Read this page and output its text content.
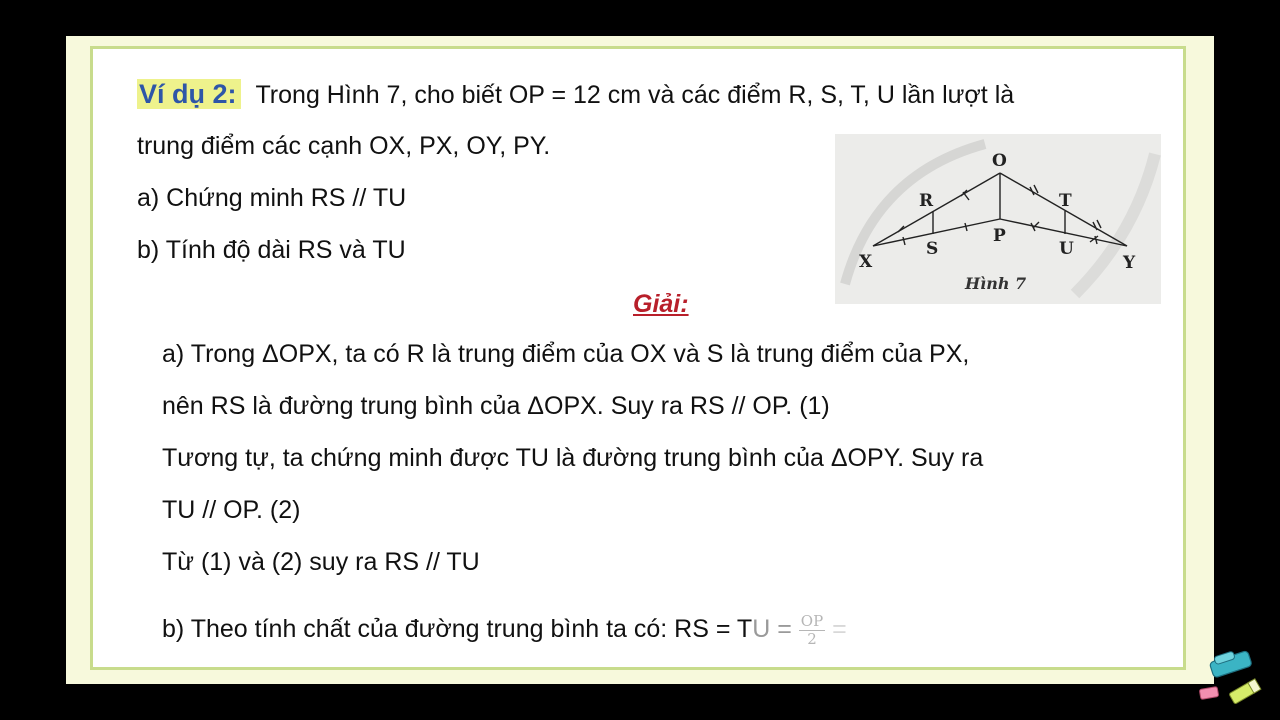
Ví dụ 2: Trong Hình 7, cho biết OP = 12 cm và các điểm R, S, T, U lần lượt là
trung điểm các cạnh OX, PX, OY, PY.
a) Chứng minh RS // TU
b) Tính độ dài RS và TU
O
R	T
X
S
P
U
Y
Hình 7
Giải:
a) Trong ΔOPX, ta có R là trung điểm của OX và S là trung điểm của PX,
nên RS là đường trung bình của ΔOPX. Suy ra RS // OP. (1)
Tương tự, ta chứng minh được TU là đường trung bình của ΔOPY. Suy ra
TU // OP. (2)
Từ (1) và (2) suy ra RS // TU
b) Theo tính chất của đường trung bình ta có: RS = TU = $\frac{OP}{2}$ =
